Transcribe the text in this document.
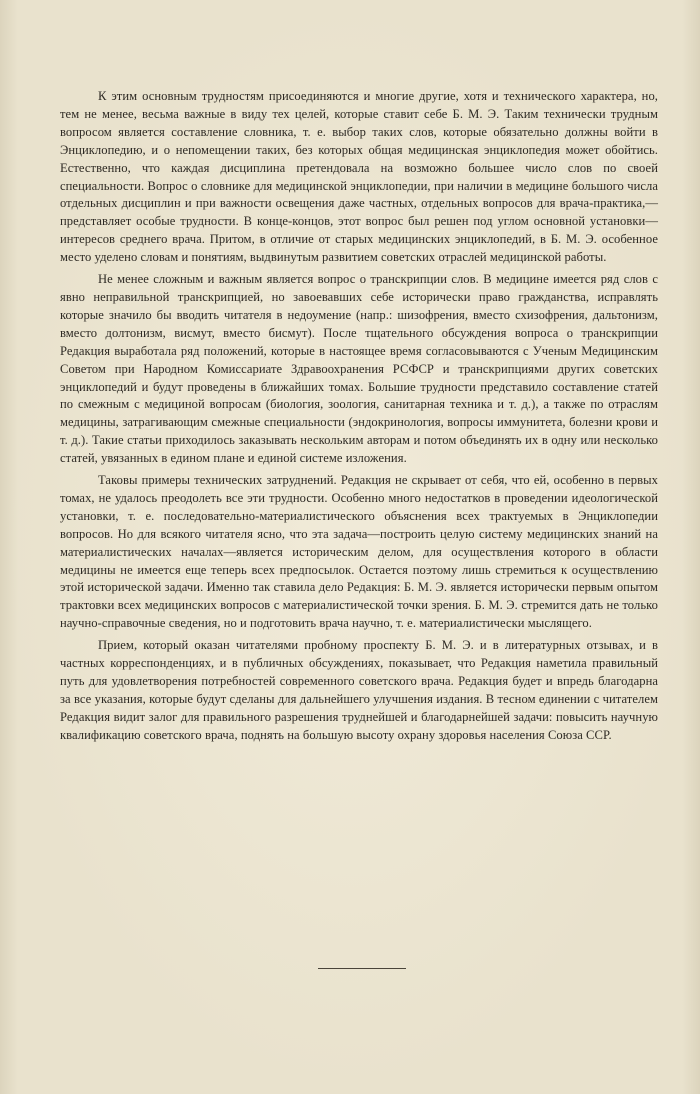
К этим основным трудностям присоединяются и многие другие, хотя и технического характера, но, тем не менее, весьма важные в виду тех целей, которые ставит себе Б. М. Э. Таким технически трудным вопросом является составление словника, т. е. выбор таких слов, которые обязательно должны войти в Энциклопедию, и о непомещении таких, без которых общая медицинская энциклопедия может обойтись. Естественно, что каждая дисциплина претендовала на возможно большее число слов по своей специальности. Вопрос о словнике для медицинской энциклопедии, при наличии в медицине большого числа отдельных дисциплин и при важности освещения даже частных, отдельных вопросов для врача-практика,—представляет особые трудности. В конце-концов, этот вопрос был решен под углом основной установки—интересов среднего врача. Притом, в отличие от старых медицинских энциклопедий, в Б. М. Э. особенное место уделено словам и понятиям, выдвинутым развитием советских отраслей медицинской работы.

Не менее сложным и важным является вопрос о транскрипции слов. В медицине имеется ряд слов с явно неправильной транскрипцией, но завоевавших себе исторически право гражданства, исправлять которые значило бы вводить читателя в недоумение (напр.: шизофрения, вместо схизофрения, дальтонизм, вместо долтонизм, висмут, вместо бисмут). После тщательного обсуждения вопроса о транскрипции Редакция выработала ряд положений, которые в настоящее время согласовываются с Ученым Медицинским Советом при Народном Комиссариате Здравоохранения РСФСР и транскрипциями других советских энциклопедий и будут проведены в ближайших томах. Большие трудности представило составление статей по смежным с медициной вопросам (биология, зоология, санитарная техника и т. д.), а также по отраслям медицины, затрагивающим смежные специальности (эндокринология, вопросы иммунитета, болезни крови и т. д.). Такие статьи приходилось заказывать нескольким авторам и потом объединять их в одну или несколько статей, увязанных в едином плане и единой системе изложения.

Таковы примеры технических затруднений. Редакция не скрывает от себя, что ей, особенно в первых томах, не удалось преодолеть все эти трудности. Особенно много недостатков в проведении идеологической установки, т. е. последовательно-материалистического объяснения всех трактуемых в Энциклопедии вопросов. Но для всякого читателя ясно, что эта задача—построить целую систему медицинских знаний на материалистических началах—является историческим делом, для осуществления которого в области медицины не имеется еще теперь всех предпосылок. Остается поэтому лишь стремиться к осуществлению этой исторической задачи. Именно так ставила дело Редакция: Б. М. Э. является исторически первым опытом трактовки всех медицинских вопросов с материалистической точки зрения. Б. М. Э. стремится дать не только научно-справочные сведения, но и подготовить врача научно, т. е. материалистически мыслящего.

Прием, который оказан читателями пробному проспекту Б. М. Э. и в литературных отзывах, и в частных корреспонденциях, и в публичных обсуждениях, показывает, что Редакция наметила правильный путь для удовлетворения потребностей современного советского врача. Редакция будет и впредь благодарна за все указания, которые будут сделаны для дальнейшего улучшения издания. В тесном единении с читателем Редакция видит залог для правильного разрешения труднейшей и благодарнейшей задачи: повысить научную квалификацию советского врача, поднять на большую высоту охрану здоровья населения Союза ССР.
